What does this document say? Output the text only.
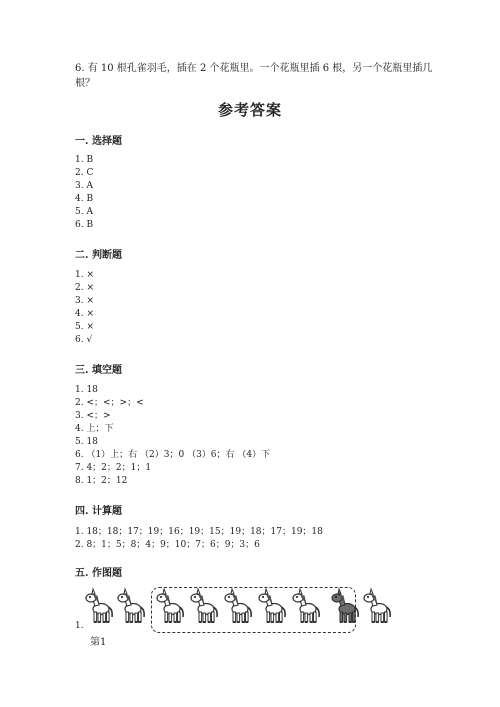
6. 有 10 根孔雀羽毛，插在 2 个花瓶里。一个花瓶里插 6 根，另一个花瓶里插几根？
参考答案
一. 选择题
1. B
2. C
3. A
4. B
5. A
6. B
二. 判断题
1. ×
2. ×
3. ×
4. ×
5. ×
6. √
三. 填空题
1. 18
2. <；<；>；<
3. <；>
4. 上；下
5. 18
6. （1）上；右 （2）3；0 （3）6；右 （4）下
7. 4；2；2；1；1
8. 1；2；12
四. 计算题
1. 18；18；17；19；16；19；15；19；18；17；19；18
2. 8；1；5；8；4；9；10；7；6；9；3；6
五. 作图题
1.
第1
